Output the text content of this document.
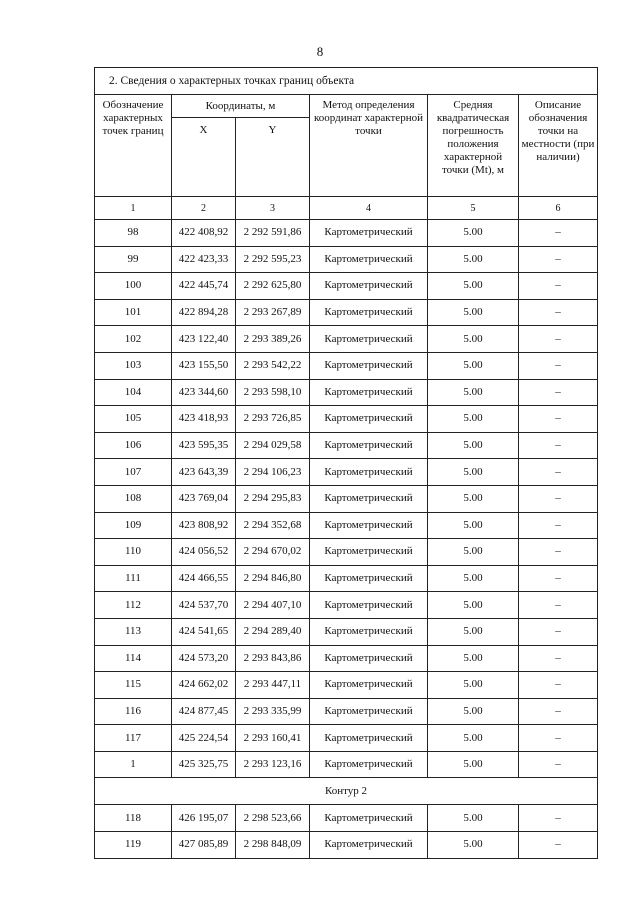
8
2. Сведения о характерных точках границ объекта					
Обозначение характерных точек границ	Координаты, м		Метод определения координат характерной точки	Средняя квадратическая погрешность положения характерной точки (Mt), м	Описание обозначения точки на местности (при наличии)
	X	Y			
1	2	3	4	5	6
98	422 408,92	2 292 591,86	Картометрический	5.00	–
99	422 423,33	2 292 595,23	Картометрический	5.00	–
100	422 445,74	2 292 625,80	Картометрический	5.00	–
101	422 894,28	2 293 267,89	Картометрический	5.00	–
102	423 122,40	2 293 389,26	Картометрический	5.00	–
103	423 155,50	2 293 542,22	Картометрический	5.00	–
104	423 344,60	2 293 598,10	Картометрический	5.00	–
105	423 418,93	2 293 726,85	Картометрический	5.00	–
106	423 595,35	2 294 029,58	Картометрический	5.00	–
107	423 643,39	2 294 106,23	Картометрический	5.00	–
108	423 769,04	2 294 295,83	Картометрический	5.00	–
109	423 808,92	2 294 352,68	Картометрический	5.00	–
110	424 056,52	2 294 670,02	Картометрический	5.00	–
111	424 466,55	2 294 846,80	Картометрический	5.00	–
112	424 537,70	2 294 407,10	Картометрический	5.00	–
113	424 541,65	2 294 289,40	Картометрический	5.00	–
114	424 573,20	2 293 843,86	Картометрический	5.00	–
115	424 662,02	2 293 447,11	Картометрический	5.00	–
116	424 877,45	2 293 335,99	Картометрический	5.00	–
117	425 224,54	2 293 160,41	Картометрический	5.00	–
1	425 325,75	2 293 123,16	Картометрический	5.00	–
Контур 2					
118	426 195,07	2 298 523,66	Картометрический	5.00	–
119	427 085,89	2 298 848,09	Картометрический	5.00	–
